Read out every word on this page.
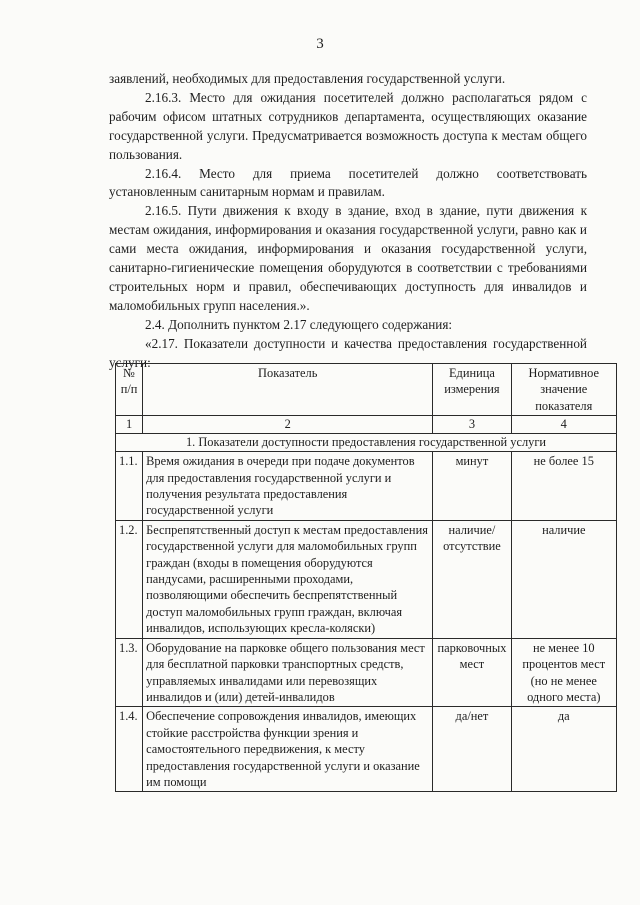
3

заявлений, необходимых для предоставления государственной услуги.

2.16.3. Место для ожидания посетителей должно располагаться рядом с рабочим офисом штатных сотрудников департамента, осуществляющих оказание государственной услуги. Предусматривается возможность доступа к местам общего пользования.

2.16.4. Место для приема посетителей должно соответствовать установленным санитарным нормам и правилам.

2.16.5. Пути движения к входу в здание, вход в здание, пути движения к местам ожидания, информирования и оказания государственной услуги, равно как и сами места ожидания, информирования и оказания государственной услуги, санитарно-гигиенические помещения оборудуются в соответствии с требованиями строительных норм и правил, обеспечивающих доступность для инвалидов и маломобильных групп населения.».

2.4. Дополнить пунктом 2.17 следующего содержания:

«2.17. Показатели доступности и качества предоставления государственной услуги:

№ п/п	Показатель	Единица измерения	Нормативное значение показателя
1	2	3	4
1. Показатели доступности предоставления государственной услуги			
1.1.	Время ожидания в очереди при подаче документов для предоставления государственной услуги и получения результата предоставления государственной услуги	минут	не более 15
1.2.	Беспрепятственный доступ к местам предоставления государственной услуги для маломобильных групп граждан (входы в помещения оборудуются пандусами, расширенными проходами, позволяющими обеспечить беспрепятственный доступ маломобильных групп граждан, включая инвалидов, использующих кресла-коляски)	наличие/ отсутствие	наличие
1.3.	Оборудование на парковке общего пользования мест для бесплатной парковки транспортных средств, управляемых инвалидами или перевозящих инвалидов и (или) детей-инвалидов	парковочных мест	не менее 10 процентов мест (но не менее одного места)
1.4.	Обеспечение сопровождения инвалидов, имеющих стойкие расстройства функции зрения и самостоятельного передвижения, к месту предоставления государственной услуги и оказание им помощи	да/нет	да
